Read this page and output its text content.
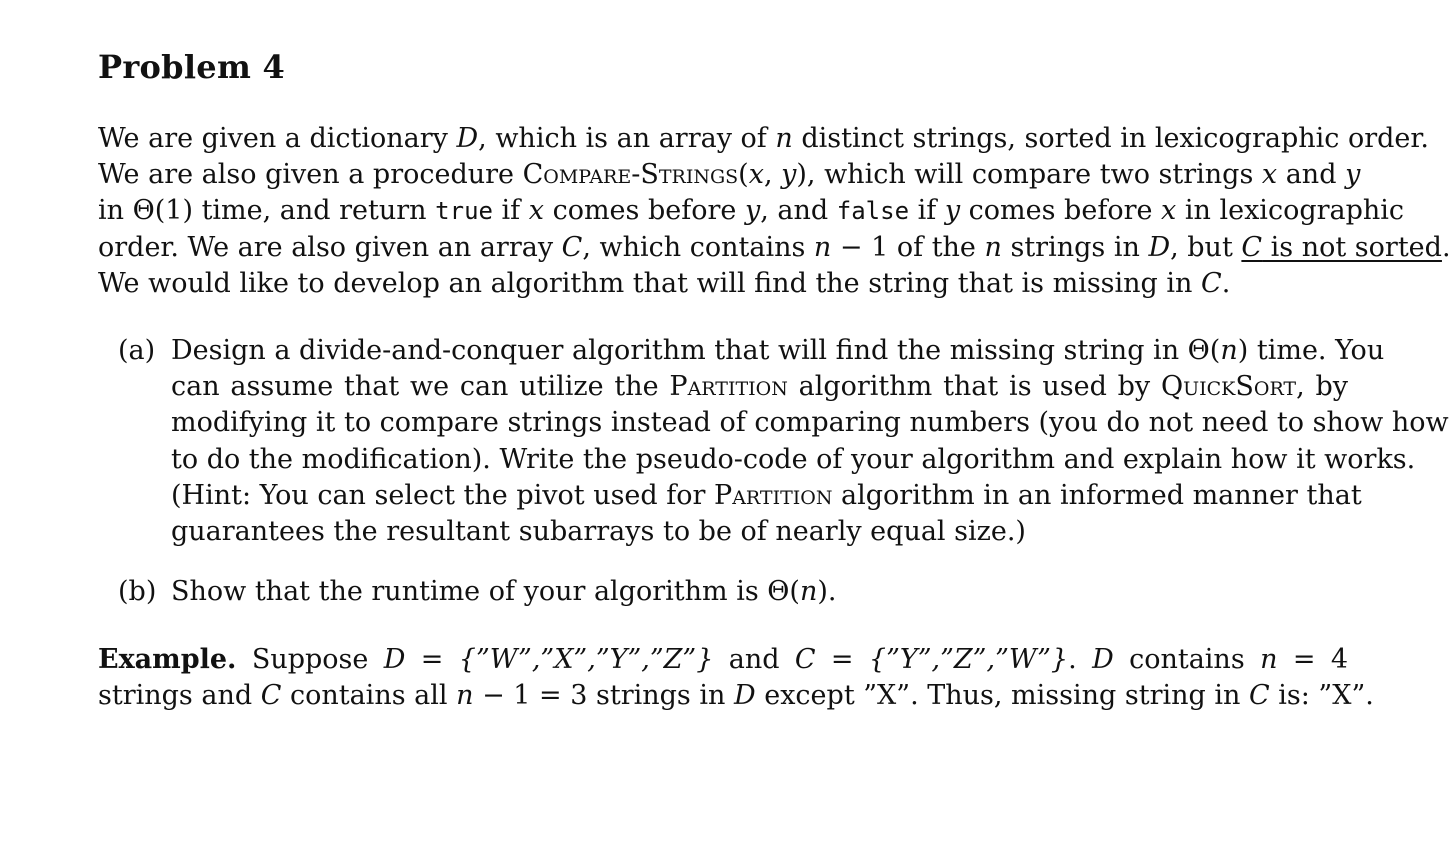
Problem 4
We are given a dictionary D, which is an array of n distinct strings, sorted in lexicographic order.
We are also given a procedure Compare-Strings(x, y), which will compare two strings x and y
in Θ(1) time, and return true if x comes before y, and false if y comes before x in lexicographic
order. We are also given an array C, which contains n − 1 of the n strings in D, but C is not sorted.
We would like to develop an algorithm that will find the string that is missing in C.
(a) Design a divide-and-conquer algorithm that will find the missing string in Θ(n) time. You
can assume that we can utilize the Partition algorithm that is used by QuickSort, by
modifying it to compare strings instead of comparing numbers (you do not need to show how
to do the modification). Write the pseudo-code of your algorithm and explain how it works.
(Hint: You can select the pivot used for Partition algorithm in an informed manner that
guarantees the resultant subarrays to be of nearly equal size.)
(b) Show that the runtime of your algorithm is Θ(n).
Example. Suppose D = {”W”,”X”,”Y”,”Z”} and C = {”Y”,”Z”,”W”}. D contains n = 4
strings and C contains all n − 1 = 3 strings in D except ”X”. Thus, missing string in C is: ”X”.
